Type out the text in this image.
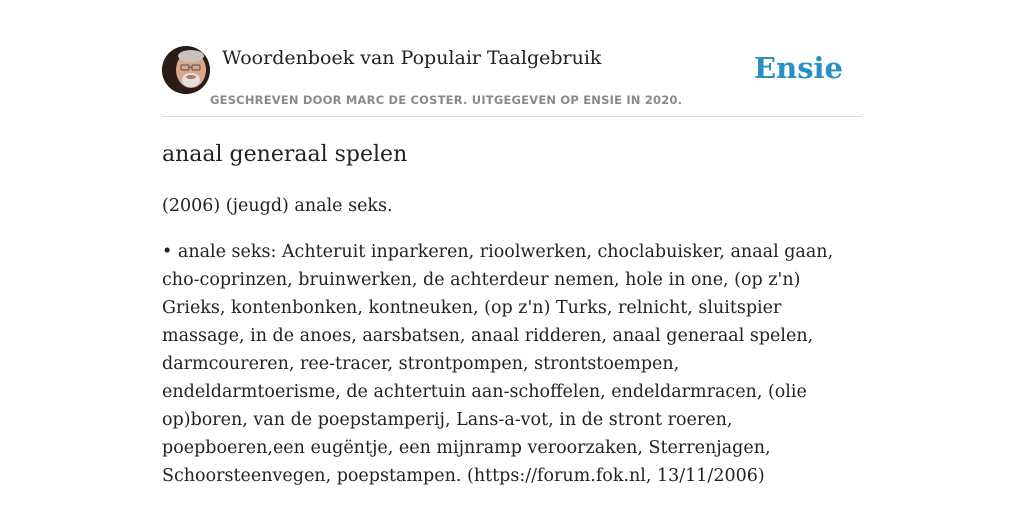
Woordenboek van Populair Taalgebruik	Ensie
GESCHREVEN DOOR MARC DE COSTER. UITGEGEVEN OP ENSIE IN 2020.
anaal generaal spelen

(2006) (jeugd) anale seks.

• anale seks: Achteruit inparkeren, rioolwerken, choclabuisker, anaal gaan, cho-coprinzen, bruinwerken, de achterdeur nemen, hole in one, (op z'n) Grieks, kontenbonken, kontneuken, (op z'n) Turks, relnicht, sluitspier massage, in de anoes, aarsbatsen, anaal ridderen, anaal generaal spelen, darmcoureren, ree-tracer, strontpompen, strontstoempen, endeldarmtoerisme, de achtertuin aan-schoffelen, endeldarmracen, (olie op)boren, van de poepstamperij, Lans-a-vot, in de stront roeren, poepboeren,een eugëntje, een mijnramp veroorzaken, Sterrenjagen, Schoorsteenvegen, poepstampen. (https://forum.fok.nl, 13/11/2006)
